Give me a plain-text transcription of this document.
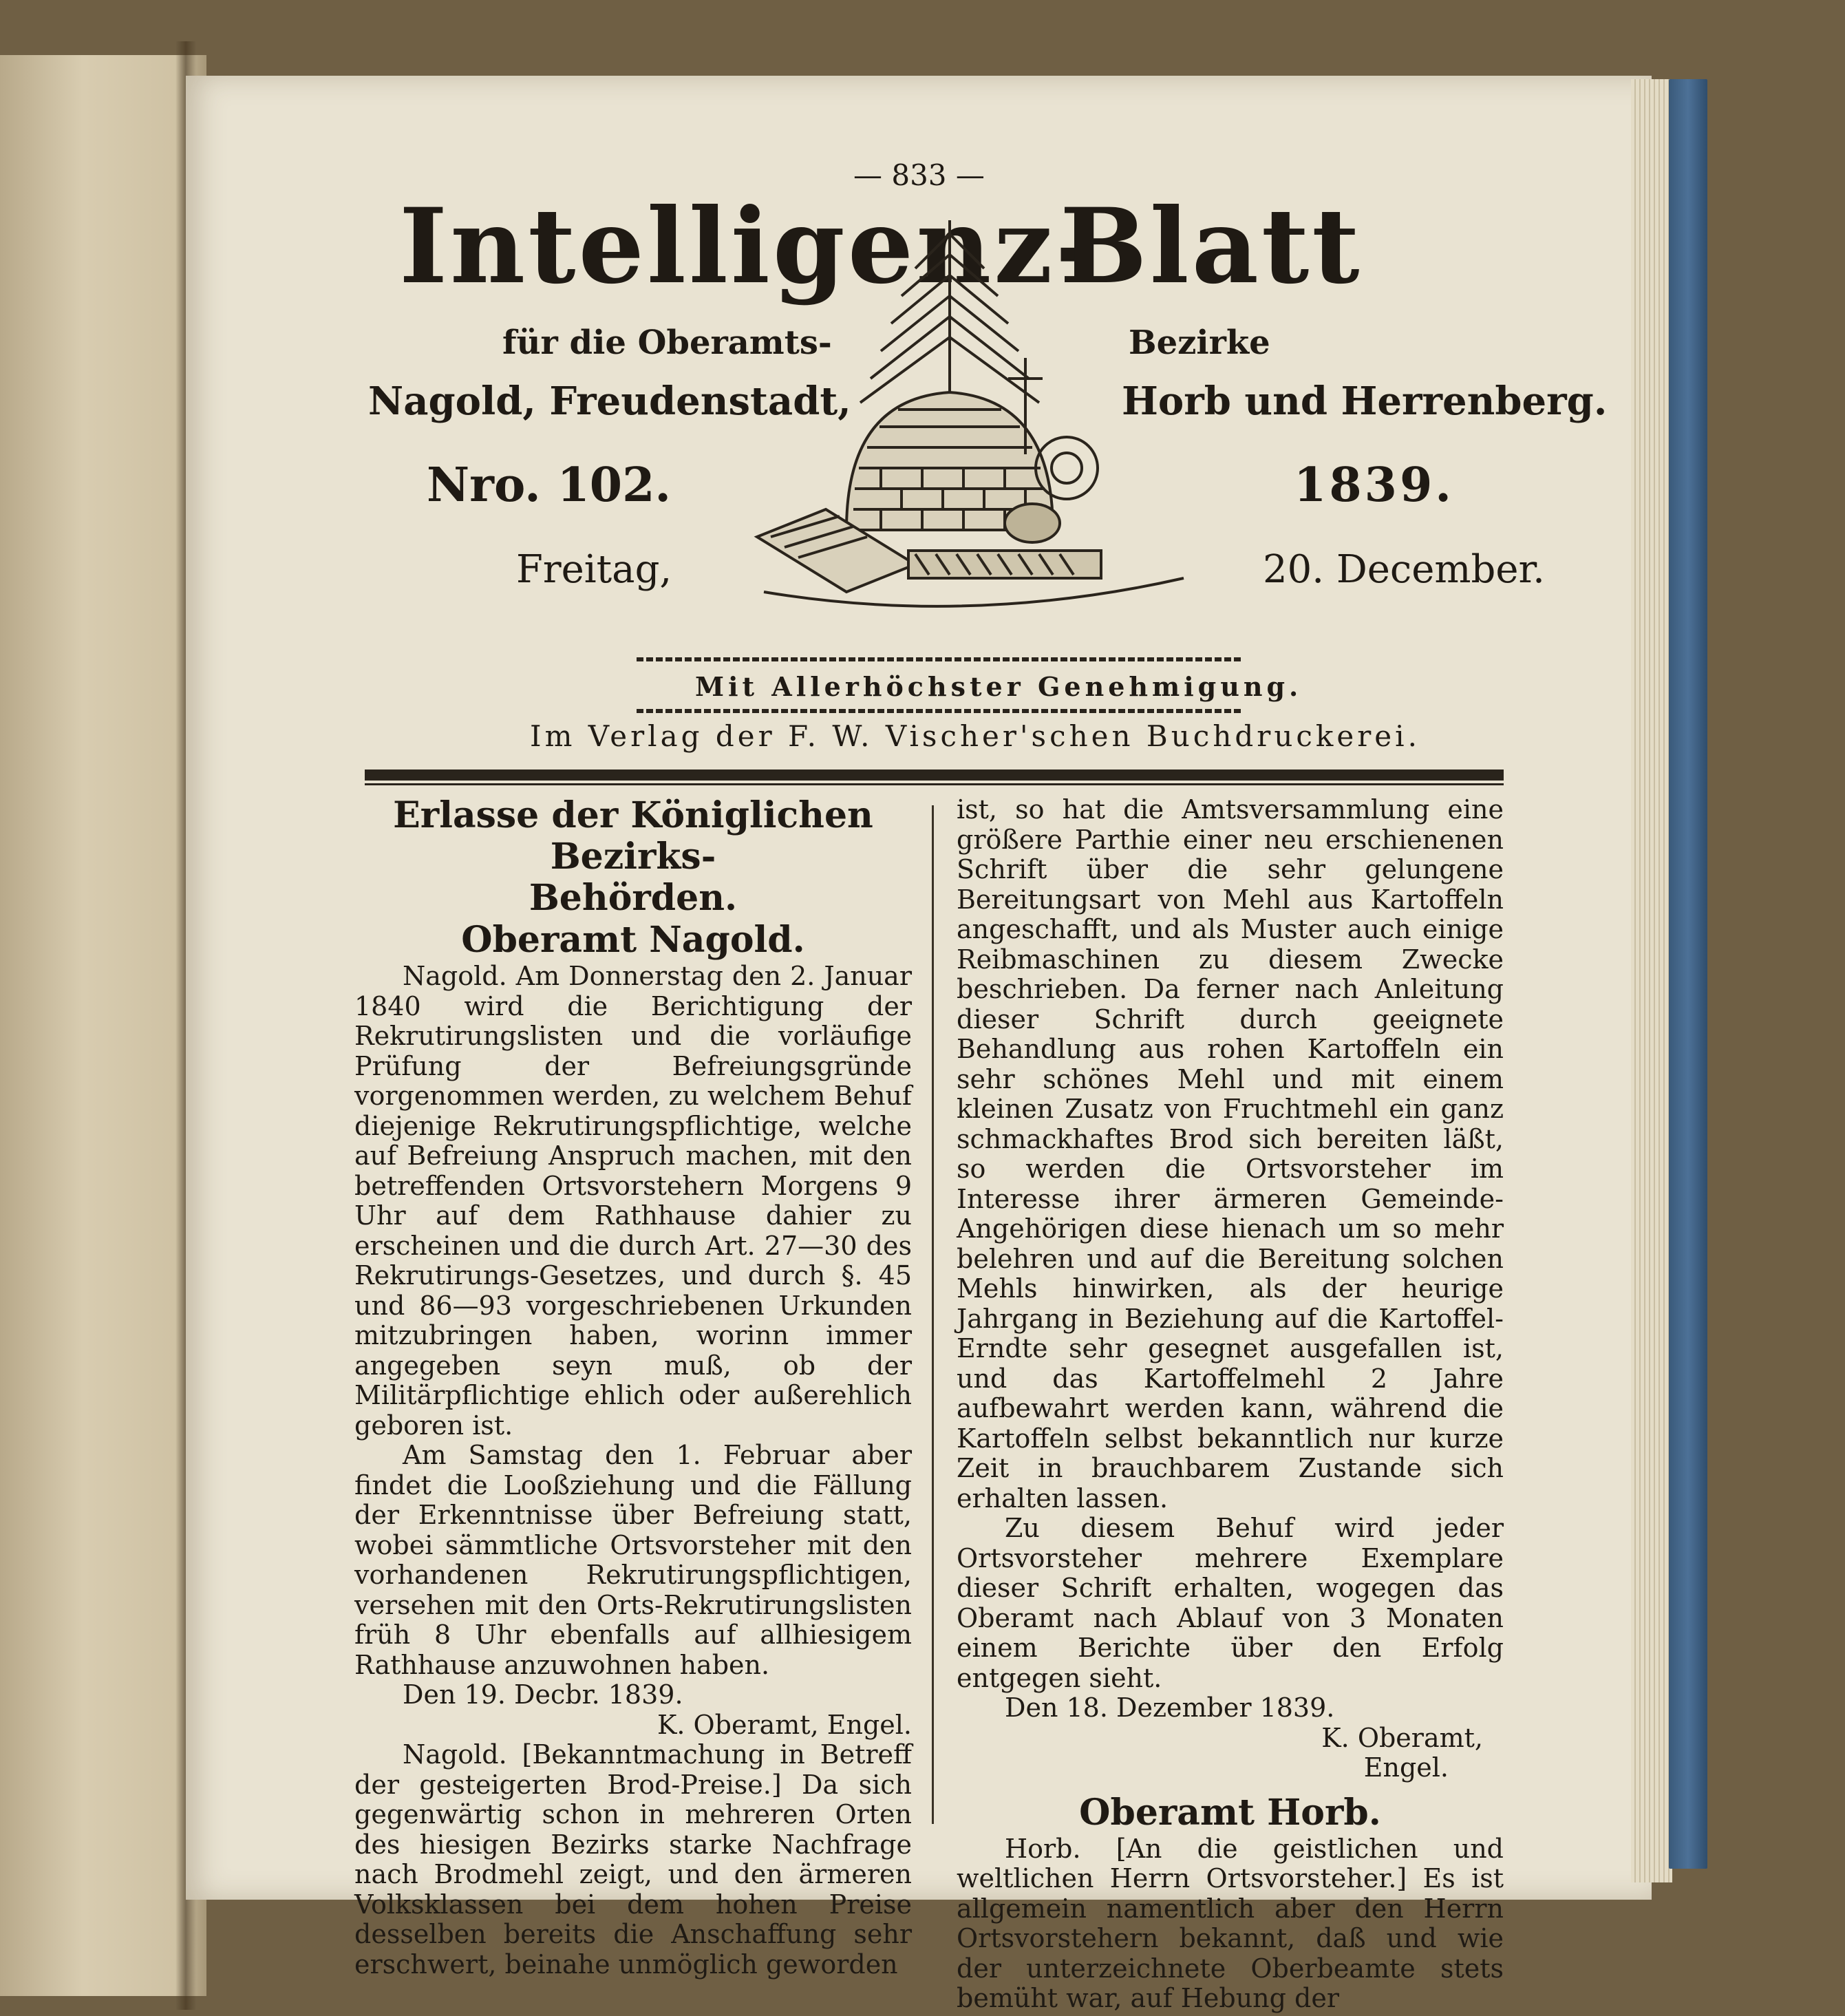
— 833 —
Intelligenz-
Blatt
für die Oberamts-	Bezirke
Nagold, Freudenstadt,	Horb und Herrenberg.
Nro. 102.	1839.
Freitag,	20. December.
Mit Allerhöchster Genehmigung.
Im Verlag der F. W. Vischer'schen Buchdruckerei.

Erlasse der Königlichen Bezirks-

Behörden.

Oberamt Nagold.

Nagold. Am Donnerstag den 2. Januar 1840 wird die Berichtigung der Rekrutirungslisten und die vorläufige Prüfung der Befreiungsgründe vorgenommen werden, zu welchem Behuf diejenige Rekrutirungspflichtige, welche auf Befreiung Anspruch machen, mit den betreffenden Ortsvorstehern Morgens 9 Uhr auf dem Rathhause dahier zu erscheinen und die durch Art. 27—30 des Rekrutirungs-Gesetzes, und durch §. 45 und 86—93 vorgeschriebenen Urkunden mitzubringen haben, worinn immer angegeben seyn muß, ob der Militärpflichtige ehlich oder außerehlich geboren ist.

Am Samstag den 1. Februar aber findet die Looßziehung und die Fällung der Erkenntnisse über Befreiung statt, wobei sämmtliche Ortsvorsteher mit den vorhandenen Rekrutirungspflichtigen, versehen mit den Orts-Rekrutirungslisten früh 8 Uhr ebenfalls auf allhiesigem Rathhause anzuwohnen haben.

Den 19. Decbr. 1839.

K. Oberamt, Engel.

Nagold. [Bekanntmachung in Betreff der gesteigerten Brod-Preise.] Da sich gegenwärtig schon in mehreren Orten des hiesigen Bezirks starke Nachfrage nach Brodmehl zeigt, und den ärmeren Volksklassen bei dem hohen Preise desselben bereits die Anschaffung sehr erschwert, beinahe unmöglich geworden

ist, so hat die Amtsversammlung eine größere Parthie einer neu erschienenen Schrift über die sehr gelungene Bereitungsart von Mehl aus Kartoffeln angeschafft, und als Muster auch einige Reibmaschinen zu diesem Zwecke beschrieben. Da ferner nach Anleitung dieser Schrift durch geeignete Behandlung aus rohen Kartoffeln ein sehr schönes Mehl und mit einem kleinen Zusatz von Fruchtmehl ein ganz schmackhaftes Brod sich bereiten läßt, so werden die Ortsvorsteher im Interesse ihrer ärmeren Gemeinde-Angehörigen diese hienach um so mehr belehren und auf die Bereitung solchen Mehls hinwirken, als der heurige Jahrgang in Beziehung auf die Kartoffel-Erndte sehr gesegnet ausgefallen ist, und das Kartoffelmehl 2 Jahre aufbewahrt werden kann, während die Kartoffeln selbst bekanntlich nur kurze Zeit in brauchbarem Zustande sich erhalten lassen.

Zu diesem Behuf wird jeder Ortsvorsteher mehrere Exemplare dieser Schrift erhalten, wogegen das Oberamt nach Ablauf von 3 Monaten einem Berichte über den Erfolg entgegen sieht.

Den 18. Dezember 1839.

K. Oberamt,

Engel.

Oberamt Horb.

Horb. [An die geistlichen und weltlichen Herrn Ortsvorsteher.] Es ist allgemein namentlich aber den Herrn Ortsvorstehern bekannt, daß und wie der unterzeichnete Oberbeamte stets bemüht war, auf Hebung der
